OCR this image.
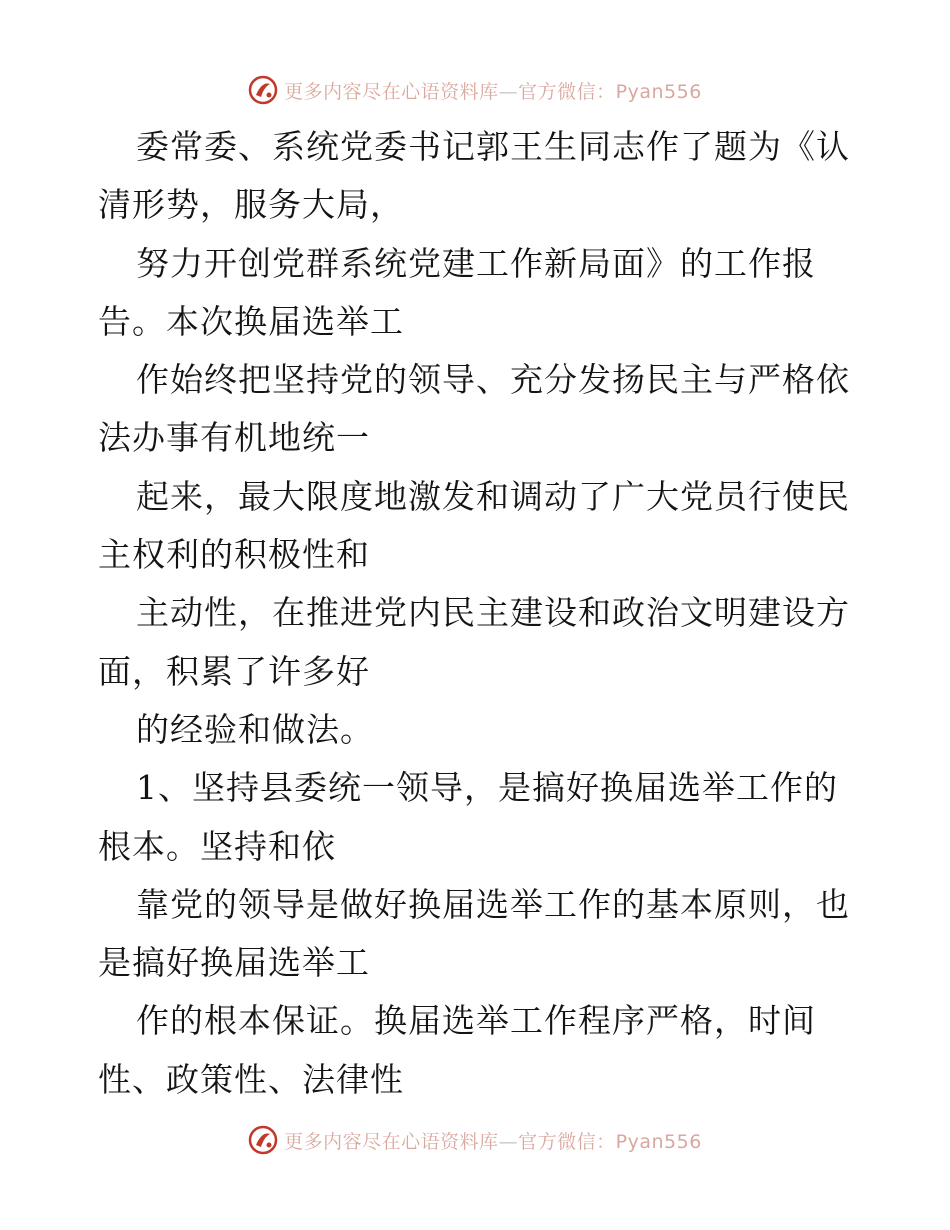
更多内容尽在心语资料库—官方微信：Pyan556
委常委、系统党委书记郭王生同志作了题为《认
清形势，服务大局，
努力开创党群系统党建工作新局面》的工作报
告。本次换届选举工
作始终把坚持党的领导、充分发扬民主与严格依
法办事有机地统一
起来，最大限度地激发和调动了广大党员行使民
主权利的积极性和
主动性，在推进党内民主建设和政治文明建设方
面，积累了许多好
的经验和做法。
1、坚持县委统一领导，是搞好换届选举工作的
根本。坚持和依
靠党的领导是做好换届选举工作的基本原则，也
是搞好换届选举工
作的根本保证。换届选举工作程序严格，时间
性、政策性、法律性
更多内容尽在心语资料库—官方微信：Pyan556
